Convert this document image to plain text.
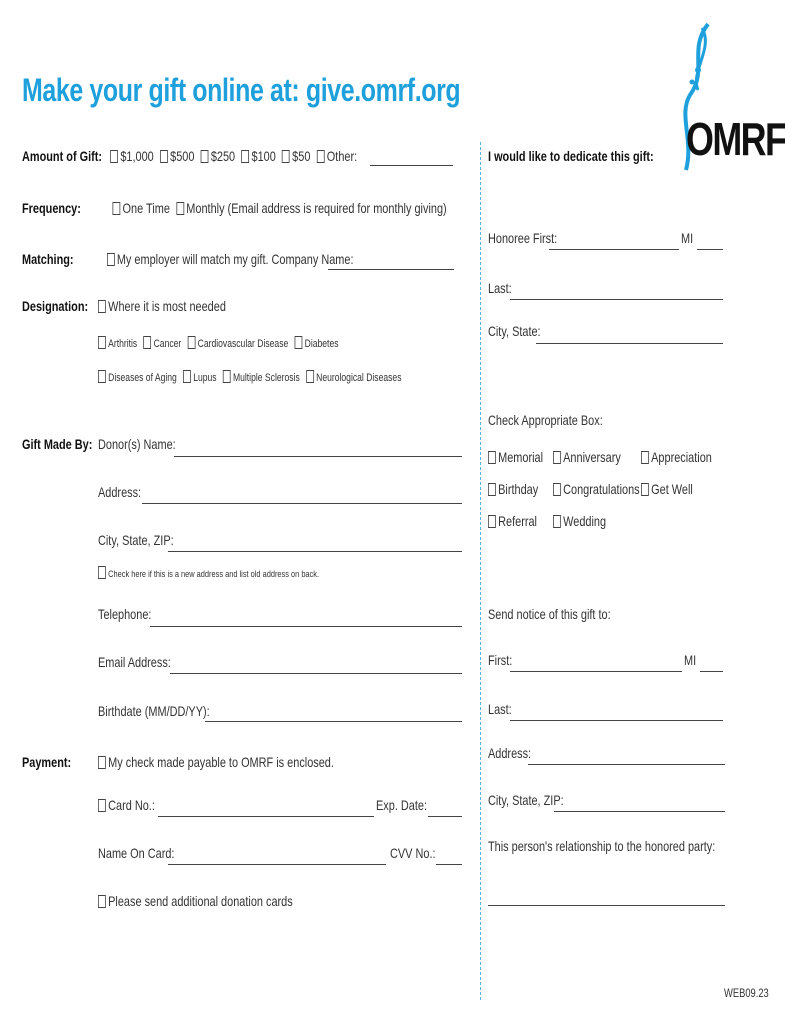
Make your gift online at: give.omrf.org
OMRF
Amount of Gift: $1,000 $500 $250 $100 $50 Other:
Frequency:	One Time Monthly (Email address is required for monthly giving)
Matching:	My employer will match my gift. Company Name:
Designation:	Where it is most needed
Arthritis Cancer Cardiovascular Disease Diabetes
Diseases of Aging Lupus Multiple Sclerosis Neurological Diseases
Gift Made By: Donor(s) Name:
Address:
City, State, ZIP:
Check here if this is a new address and list old address on back.
Telephone:
Email Address:
Birthdate (MM/DD/YY):
Payment:	My check made payable to OMRF is enclosed.
Card No.:	Exp. Date:
Name On Card:	CVV No.:
Please send additional donation cards
I would like to dedicate this gift:
Honoree First:	MI
Last:
City, State:
Check Appropriate Box:
Memorial	Anniversary	Appreciation
Birthday	Congratulations Get Well
Referral	Wedding
Send notice of this gift to:
First:	MI
Last:
Address:
City, State, ZIP:
This person's relationship to the honored party:
WEB09.23
